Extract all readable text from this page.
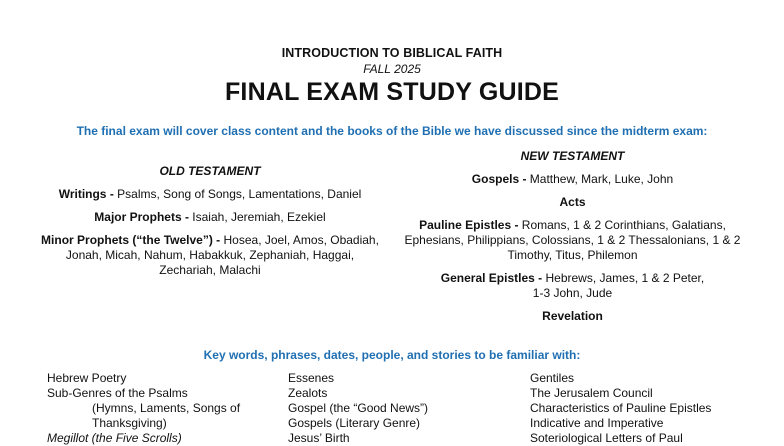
INTRODUCTION TO BIBLICAL FAITH
FALL 2025
FINAL EXAM STUDY GUIDE
The final exam will cover class content and the books of the Bible we have discussed since the midterm exam:
OLD TESTAMENT
Writings - Psalms, Song of Songs, Lamentations, Daniel
Major Prophets - Isaiah, Jeremiah, Ezekiel
Minor Prophets (“the Twelve”) - Hosea, Joel, Amos, Obadiah, Jonah, Micah, Nahum, Habakkuk, Zephaniah, Haggai, Zechariah, Malachi
NEW TESTAMENT
Gospels - Matthew, Mark, Luke, John
Acts
Pauline Epistles - Romans, 1 & 2 Corinthians, Galatians, Ephesians, Philippians, Colossians, 1 & 2 Thessalonians, 1 & 2 Timothy, Titus, Philemon
General Epistles - Hebrews, James, 1 & 2 Peter, 1-3 John, Jude
Revelation
Key words, phrases, dates, people, and stories to be familiar with:
Hebrew Poetry
Sub-Genres of the Psalms
(Hymns, Laments, Songs of Thanksgiving)
Megillot (the Five Scrolls)
Essenes
Zealots
Gospel (the “Good News”)
Gospels (Literary Genre)
Jesus’ Birth
Gentiles
The Jerusalem Council
Characteristics of Pauline Epistles
Indicative and Imperative
Soteriological Letters of Paul
